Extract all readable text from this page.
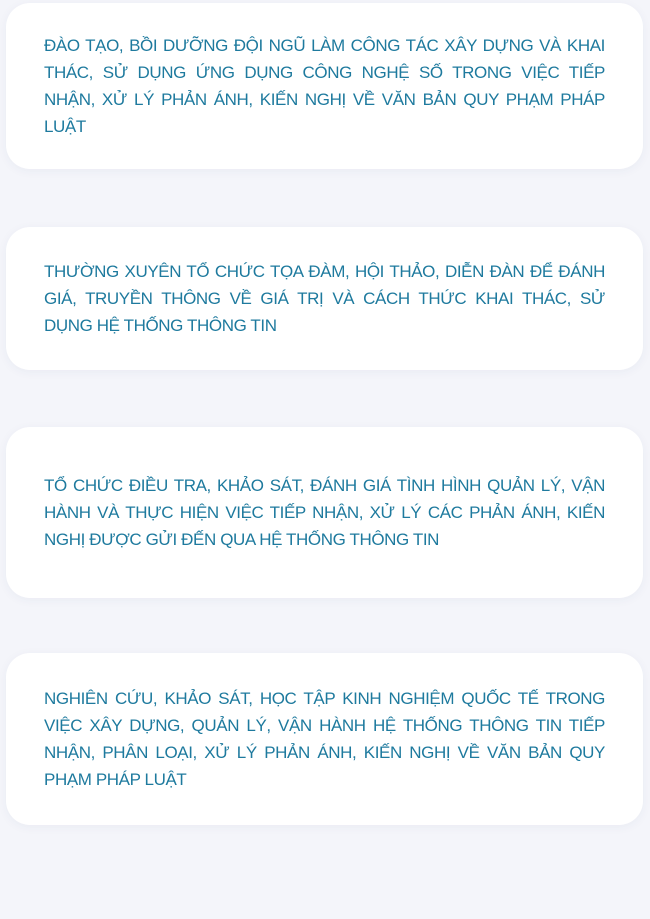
ĐÀO TẠO, BỒI DƯỠNG ĐỘI NGŨ LÀM CÔNG TÁC XÂY DỰNG VÀ KHAI THÁC, SỬ DỤNG ỨNG DỤNG CÔNG NGHỆ SỐ TRONG VIỆC TIẾP NHẬN, XỬ LÝ PHẢN ÁNH, KIẾN NGHỊ VỀ VĂN BẢN QUY PHẠM PHÁP LUẬT

THƯỜNG XUYÊN TỔ CHỨC TỌA ĐÀM, HỘI THẢO, DIỄN ĐÀN ĐỂ ĐÁNH GIÁ, TRUYỀN THÔNG VỀ GIÁ TRỊ VÀ CÁCH THỨC KHAI THÁC, SỬ DỤNG HỆ THỐNG THÔNG TIN

TỔ CHỨC ĐIỀU TRA, KHẢO SÁT, ĐÁNH GIÁ TÌNH HÌNH QUẢN LÝ, VẬN HÀNH VÀ THỰC HIỆN VIỆC TIẾP NHẬN, XỬ LÝ CÁC PHẢN ÁNH, KIẾN NGHỊ ĐƯỢC GỬI ĐẾN QUA HỆ THỐNG THÔNG TIN

NGHIÊN CỨU, KHẢO SÁT, HỌC TẬP KINH NGHIỆM QUỐC TẾ TRONG VIỆC XÂY DỰNG, QUẢN LÝ, VẬN HÀNH HỆ THỐNG THÔNG TIN TIẾP NHẬN, PHÂN LOẠI, XỬ LÝ PHẢN ÁNH, KIẾN NGHỊ VỀ VĂN BẢN QUY PHẠM PHÁP LUẬT
